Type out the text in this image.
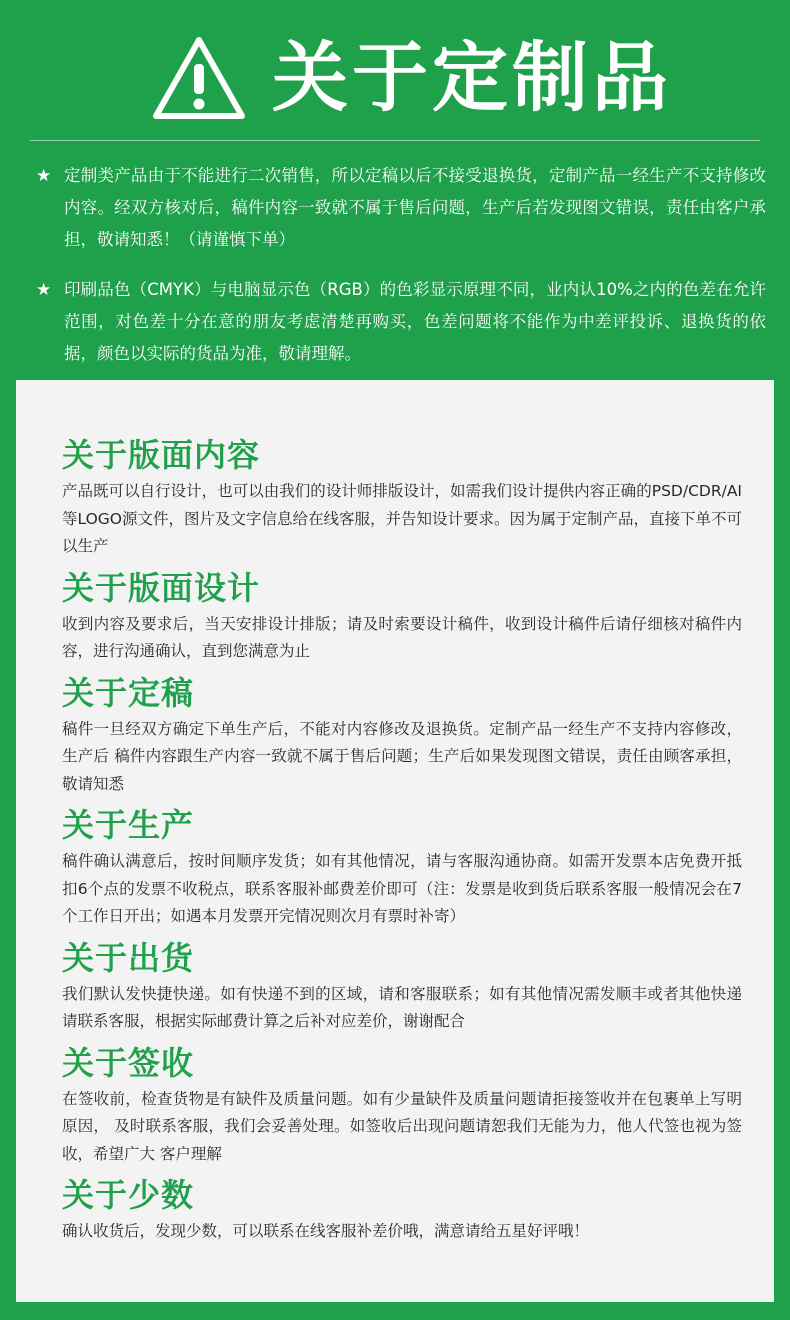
关于定制品
★ 定制类产品由于不能进行二次销售，所以定稿以后不接受退换货，定制产品一经生产不支持修改内容。经双方核对后，稿件内容一致就不属于售后问题，生产后若发现图文错误，责任由客户承担，敬请知悉！（请谨慎下单）
★ 印刷品色（CMYK）与电脑显示色（RGB）的色彩显示原理不同，业内认10%之内的色差在允许范围，对色差十分在意的朋友考虑清楚再购买，色差问题将不能作为中差评投诉、退换货的依据，颜色以实际的货品为准，敬请理解。
关于版面内容
产品既可以自行设计，也可以由我们的设计师排版设计，如需我们设计提供内容正确的PSD/CDR/AI等LOGO源文件，图片及文字信息给在线客服，并告知设计要求。因为属于定制产品，直接下单不可以生产
关于版面设计
收到内容及要求后，当天安排设计排版；请及时索要设计稿件，收到设计稿件后请仔细核对稿件内容，进行沟通确认，直到您满意为止
关于定稿
稿件一旦经双方确定下单生产后，不能对内容修改及退换货。定制产品一经生产不支持内容修改，生产后 稿件内容跟生产内容一致就不属于售后问题；生产后如果发现图文错误，责任由顾客承担，敬请知悉
关于生产
稿件确认满意后，按时间顺序发货；如有其他情况，请与客服沟通协商。如需开发票本店免费开抵扣6个点的发票不收税点，联系客服补邮费差价即可（注：发票是收到货后联系客服一般情况会在7个工作日开出；如遇本月发票开完情况则次月有票时补寄）
关于出货
我们默认发快捷快递。如有快递不到的区域，请和客服联系；如有其他情况需发顺丰或者其他快递请联系客服，根据实际邮费计算之后补对应差价，谢谢配合
关于签收
在签收前，检查货物是有缺件及质量问题。如有少量缺件及质量问题请拒接签收并在包裹单上写明原因， 及时联系客服，我们会妥善处理。如签收后出现问题请恕我们无能为力，他人代签也视为签收，希望广大 客户理解
关于少数
确认收货后，发现少数，可以联系在线客服补差价哦，满意请给五星好评哦！
